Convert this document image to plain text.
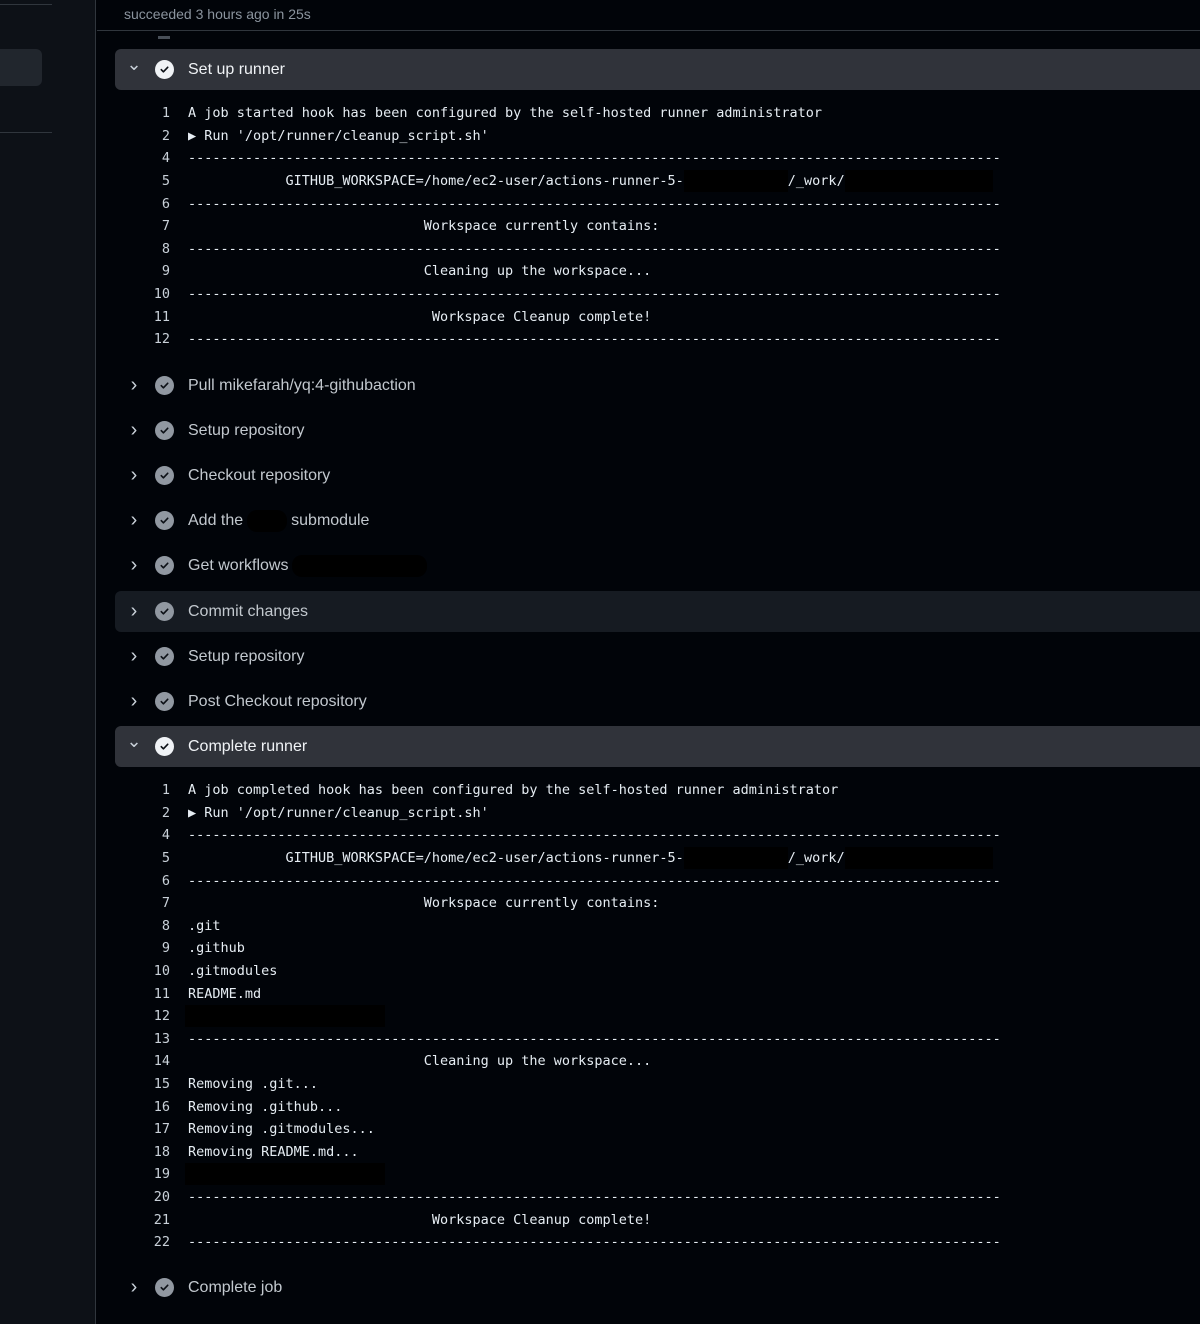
succeeded 3 hours ago in 25s
⌄	Set up runner
1 A job started hook has been configured by the self-hosted runner administrator
2 ▶ Run '/opt/runner/cleanup_script.sh'
4 ----------------------------------------------------------------------------------------------------
5 GITHUB_WORKSPACE=/home/ec2-user/actions-runner-5-	/_work/
6 ----------------------------------------------------------------------------------------------------
7 Workspace currently contains:
8 ----------------------------------------------------------------------------------------------------
9 Cleaning up the workspace...
10 ----------------------------------------------------------------------------------------------------
11 Workspace Cleanup complete!
12 ----------------------------------------------------------------------------------------------------
›	Pull mikefarah/yq:4-githubaction
›	Setup repository
›	Checkout repository
›	Add the	submodule
›	Get workflows
›	Commit changes
›	Setup repository
›	Post Checkout repository
⌄	Complete runner
1 A job completed hook has been configured by the self-hosted runner administrator
2 ▶ Run '/opt/runner/cleanup_script.sh'
4 ----------------------------------------------------------------------------------------------------
5 GITHUB_WORKSPACE=/home/ec2-user/actions-runner-5-	/_work/
6 ----------------------------------------------------------------------------------------------------
7 Workspace currently contains:
8 .git
9 .github
10 .gitmodules
11 README.md
12
13 ----------------------------------------------------------------------------------------------------
14 Cleaning up the workspace...
15 Removing .git...
16 Removing .github...
17 Removing .gitmodules...
18 Removing README.md...
19
20 ----------------------------------------------------------------------------------------------------
21 Workspace Cleanup complete!
22 ----------------------------------------------------------------------------------------------------
›	Complete job
